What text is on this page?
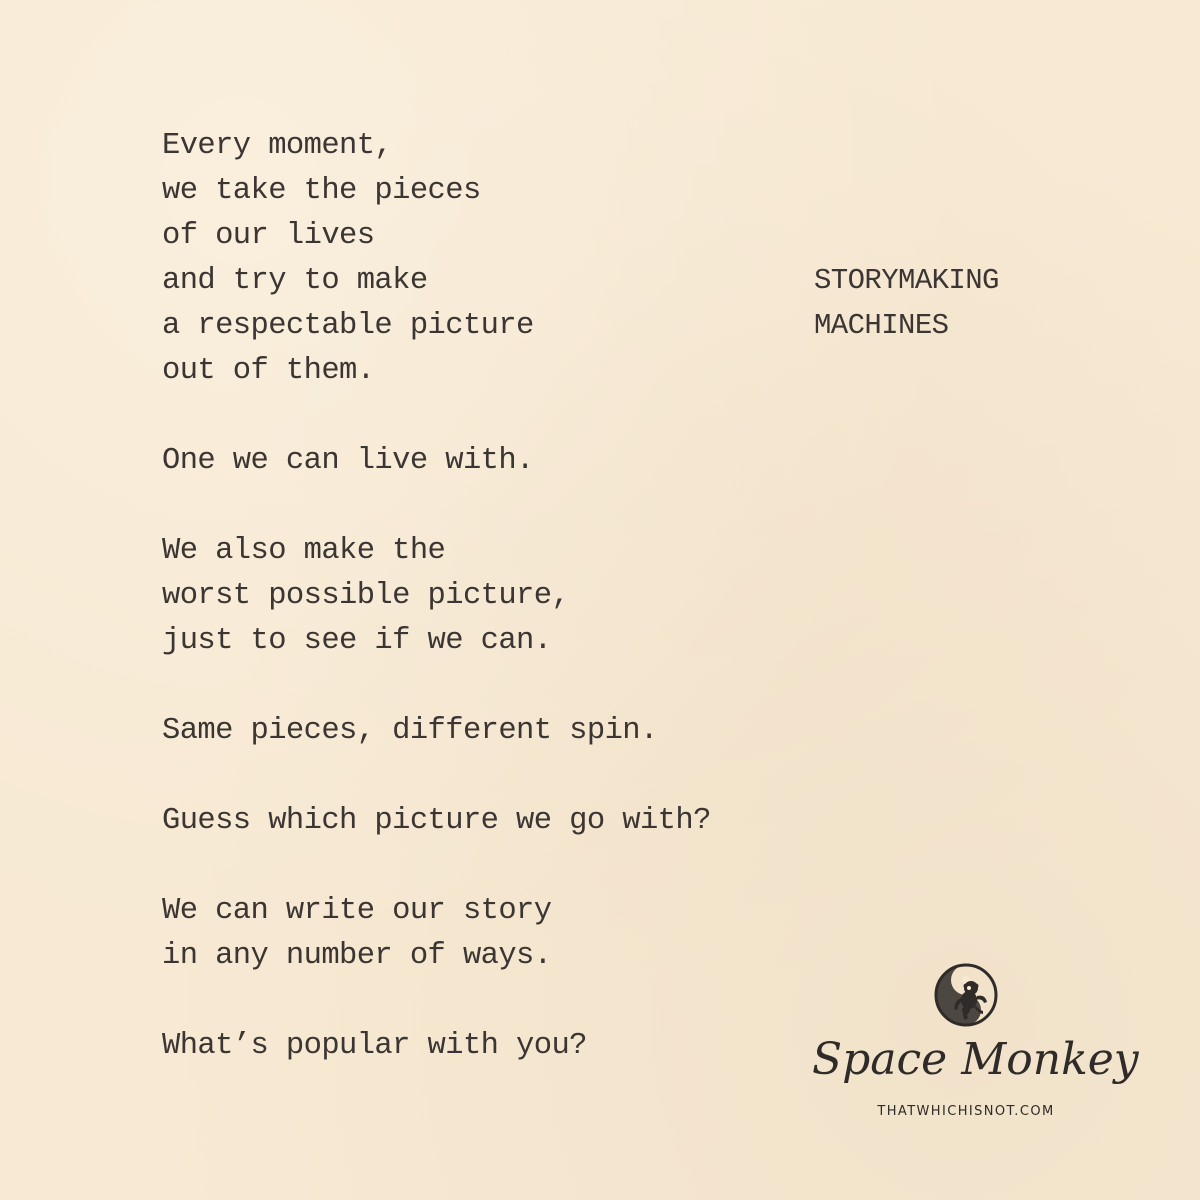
Every moment,
we take the pieces
of our lives
and try to make
a respectable picture
out of them.
One we can live with.
We also make the
worst possible picture,
just to see if we can.
Same pieces, different spin.
Guess which picture we go with?
We can write our story
in any number of ways.
What’s popular with you?
STORYMAKING
MACHINES
Space Monkey
THATWHICHISNOT.COM
